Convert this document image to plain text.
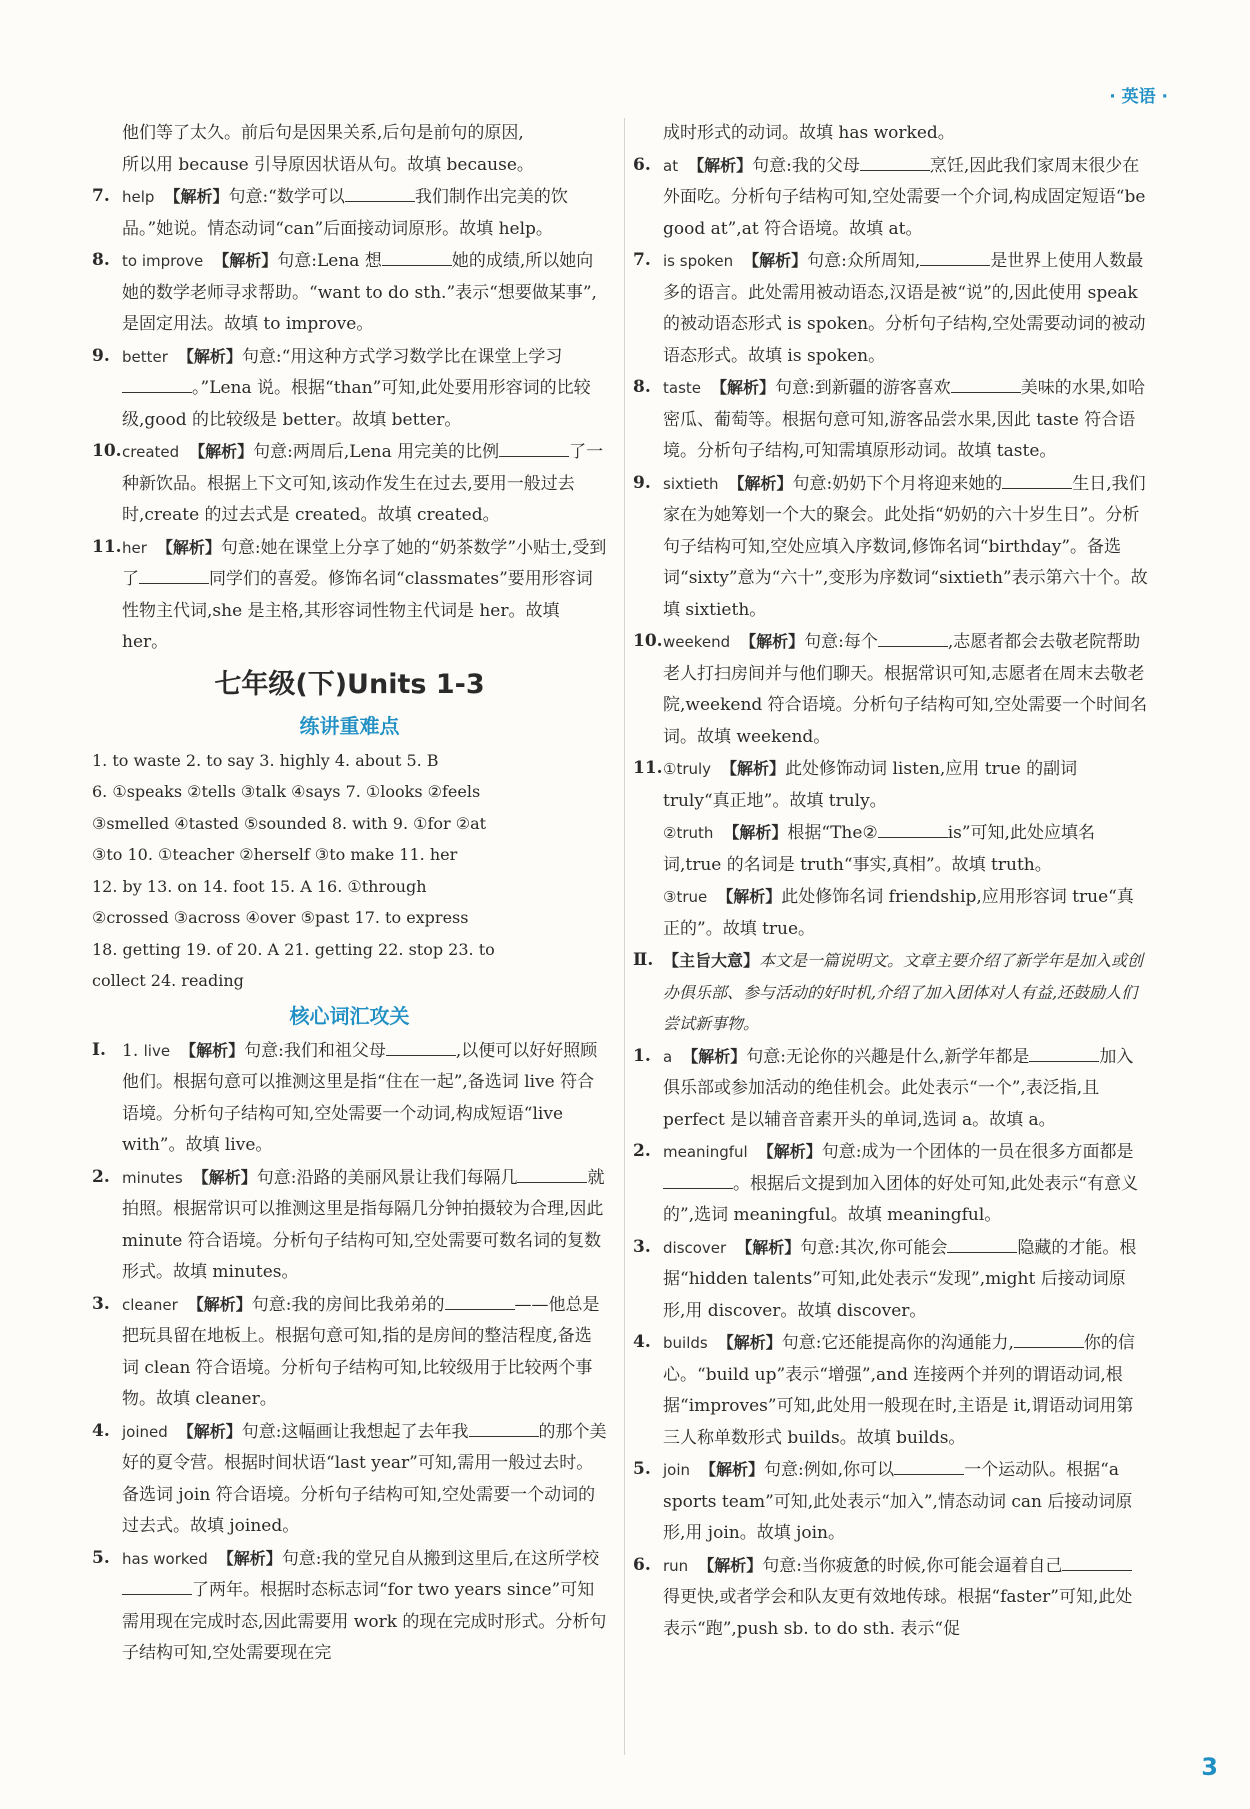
· 英语 ·

他们等了太久。前后句是因果关系,后句是前句的原因,

所以用 because 引导原因状语从句。故填 because。

7. help 【解析】句意:“数学可以	我们制作出完美的饮品。”她说。情态动词“can”后面接动词原形。故填 help。

8. to improve 【解析】句意:Lena 想	她的成绩,所以她向她的数学老师寻求帮助。“want to do sth.”表示“想要做某事”,是固定用法。故填 to improve。

9. better 【解析】句意:“用这种方式学习数学比在课堂上学习。”Lena 说。根据“than”可知,此处要用形容词的比较级,good 的比较级是 better。故填 better。

10. created 【解析】句意:两周后,Lena 用完美的比例	了一种新饮品。根据上下文可知,该动作发生在过去,要用一般过去时,create 的过去式是 created。故填 created。

11. her 【解析】句意:她在课堂上分享了她的“奶茶数学”小贴士,受到了	同学们的喜爱。修饰名词“classmates”要用形容词性物主代词,she 是主格,其形容词性物主代词是 her。故填 her。

七年级(下)Units 1-3
练讲重难点

1. to waste 2. to say 3. highly 4. about 5. B

6. ①speaks ②tells ③talk ④says 7. ①looks ②feels

③smelled ④tasted ⑤sounded 8. with 9. ①for ②at

③to 10. ①teacher ②herself ③to make 11. her

12. by 13. on 14. foot 15. A 16. ①through

②crossed ③across ④over ⑤past 17. to express

18. getting 19. of 20. A 21. getting 22. stop 23. to

collect 24. reading

核心词汇攻关

Ⅰ. 1. live 【解析】句意:我们和祖父母	,以便可以好好照顾他们。根据句意可以推测这里是指“住在一起”,备选词 live 符合语境。分析句子结构可知,空处需要一个动词,构成短语“live with”。故填 live。

2. minutes 【解析】句意:沿路的美丽风景让我们每隔几	就拍照。根据常识可以推测这里是指每隔几分钟拍摄较为合理,因此 minute 符合语境。分析句子结构可知,空处需要可数名词的复数形式。故填 minutes。

3. cleaner 【解析】句意:我的房间比我弟弟的	——他总是把玩具留在地板上。根据句意可知,指的是房间的整洁程度,备选词 clean 符合语境。分析句子结构可知,比较级用于比较两个事物。故填 cleaner。

4. joined 【解析】句意:这幅画让我想起了去年我	的那个美好的夏令营。根据时间状语“last year”可知,需用一般过去时。备选词 join 符合语境。分析句子结构可知,空处需要一个动词的过去式。故填 joined。

5. has worked 【解析】句意:我的堂兄自从搬到这里后,在这所学校了两年。根据时态标志词“for two years since”可知需用现在完成时态,因此需要用 work 的现在完成时形式。分析句子结构可知,空处需要现在完

成时形式的动词。故填 has worked。

6. at 【解析】句意:我的父母	烹饪,因此我们家周末很少在外面吃。分析句子结构可知,空处需要一个介词,构成固定短语“be good at”,at 符合语境。故填 at。

7. is spoken 【解析】句意:众所周知,	是世界上使用人数最多的语言。此处需用被动语态,汉语是被“说”的,因此使用 speak 的被动语态形式 is spoken。分析句子结构,空处需要动词的被动语态形式。故填 is spoken。

8. taste 【解析】句意:到新疆的游客喜欢	美味的水果,如哈密瓜、葡萄等。根据句意可知,游客品尝水果,因此 taste 符合语境。分析句子结构,可知需填原形动词。故填 taste。

9. sixtieth 【解析】句意:奶奶下个月将迎来她的	生日,我们家在为她筹划一个大的聚会。此处指“奶奶的六十岁生日”。分析句子结构可知,空处应填入序数词,修饰名词“birthday”。备选词“sixty”意为“六十”,变形为序数词“sixtieth”表示第六十个。故填 sixtieth。

10. weekend 【解析】句意:每个	,志愿者都会去敬老院帮助老人打扫房间并与他们聊天。根据常识可知,志愿者在周末去敬老院,weekend 符合语境。分析句子结构可知,空处需要一个时间名词。故填 weekend。

11. ①truly 【解析】此处修饰动词 listen,应用 true 的副词 truly“真正地”。故填 truly。

②truth 【解析】根据“The②	is”可知,此处应填名词,true 的名词是 truth“事实,真相”。故填 truth。

③true 【解析】此处修饰名词 friendship,应用形容词 true“真正的”。故填 true。

Ⅱ. 【主旨大意】本文是一篇说明文。文章主要介绍了新学年是加入或创办俱乐部、参与活动的好时机,介绍了加入团体对人有益,还鼓励人们尝试新事物。

1. a 【解析】句意:无论你的兴趣是什么,新学年都是	加入俱乐部或参加活动的绝佳机会。此处表示“一个”,表泛指,且 perfect 是以辅音音素开头的单词,选词 a。故填 a。

2. meaningful 【解析】句意:成为一个团体的一员在很多方面都是。根据后文提到加入团体的好处可知,此处表示“有意义的”,选词 meaningful。故填 meaningful。

3. discover 【解析】句意:其次,你可能会	隐藏的才能。根据“hidden talents”可知,此处表示“发现”,might 后接动词原形,用 discover。故填 discover。

4. builds 【解析】句意:它还能提高你的沟通能力,	你的信心。“build up”表示“增强”,and 连接两个并列的谓语动词,根据“improves”可知,此处用一般现在时,主语是 it,谓语动词用第三人称单数形式 builds。故填 builds。

5. join 【解析】句意:例如,你可以	一个运动队。根据“a sports team”可知,此处表示“加入”,情态动词 can 后接动词原形,用 join。故填 join。

6. run 【解析】句意:当你疲惫的时候,你可能会逼着自己得更快,或者学会和队友更有效地传球。根据“faster”可知,此处表示“跑”,push sb. to do sth. 表示“促

3
